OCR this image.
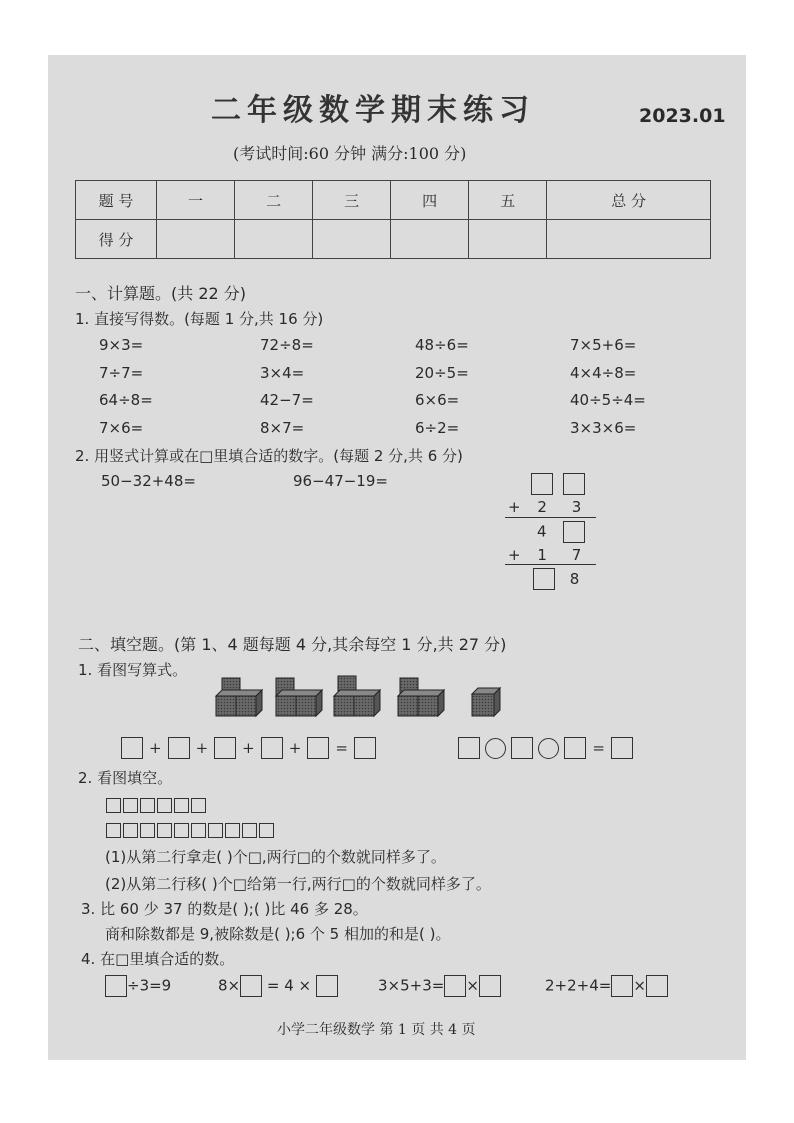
二年级数学期末练习	2023.01
(考试时间:60 分钟 满分:100 分)
题 号	一	二	三	四	五	总 分
得 分						
一、计算题。(共 22 分)
1. 直接写得数。(每题 1 分,共 16 分)
9×3=	72÷8=	48÷6=	7×5+6=
7÷7=	3×4=	20÷5=	4×4÷8=
64÷8=	42−7=	6×6=	40÷5÷4=
7×6=	8×7=	6÷2=	3×3×6=
2. 用竖式计算或在□里填合适的数字。(每题 2 分,共 6 分)
50−32+48=	96−47−19=

+ 2 3
4
+ 1 7
8
二、填空题。(第 1、4 题每题 4 分,其余每空 1 分,共 27 分)
1. 看图写算式。
+ + + + =	=
2. 看图填空。
(1)从第二行拿走( )个□,两行□的个数就同样多了。
(2)从第二行移( )个□给第一行,两行□的个数就同样多了。
3. 比 60 少 37 的数是( );( )比 46 多 28。
商和除数都是 9,被除数是( );6 个 5 相加的和是( )。
4. 在□里填合适的数。
÷3=9	8× = 4 ×	3×5+3= ×	2+2+4= ×
小学二年级数学 第 1 页 共 4 页
